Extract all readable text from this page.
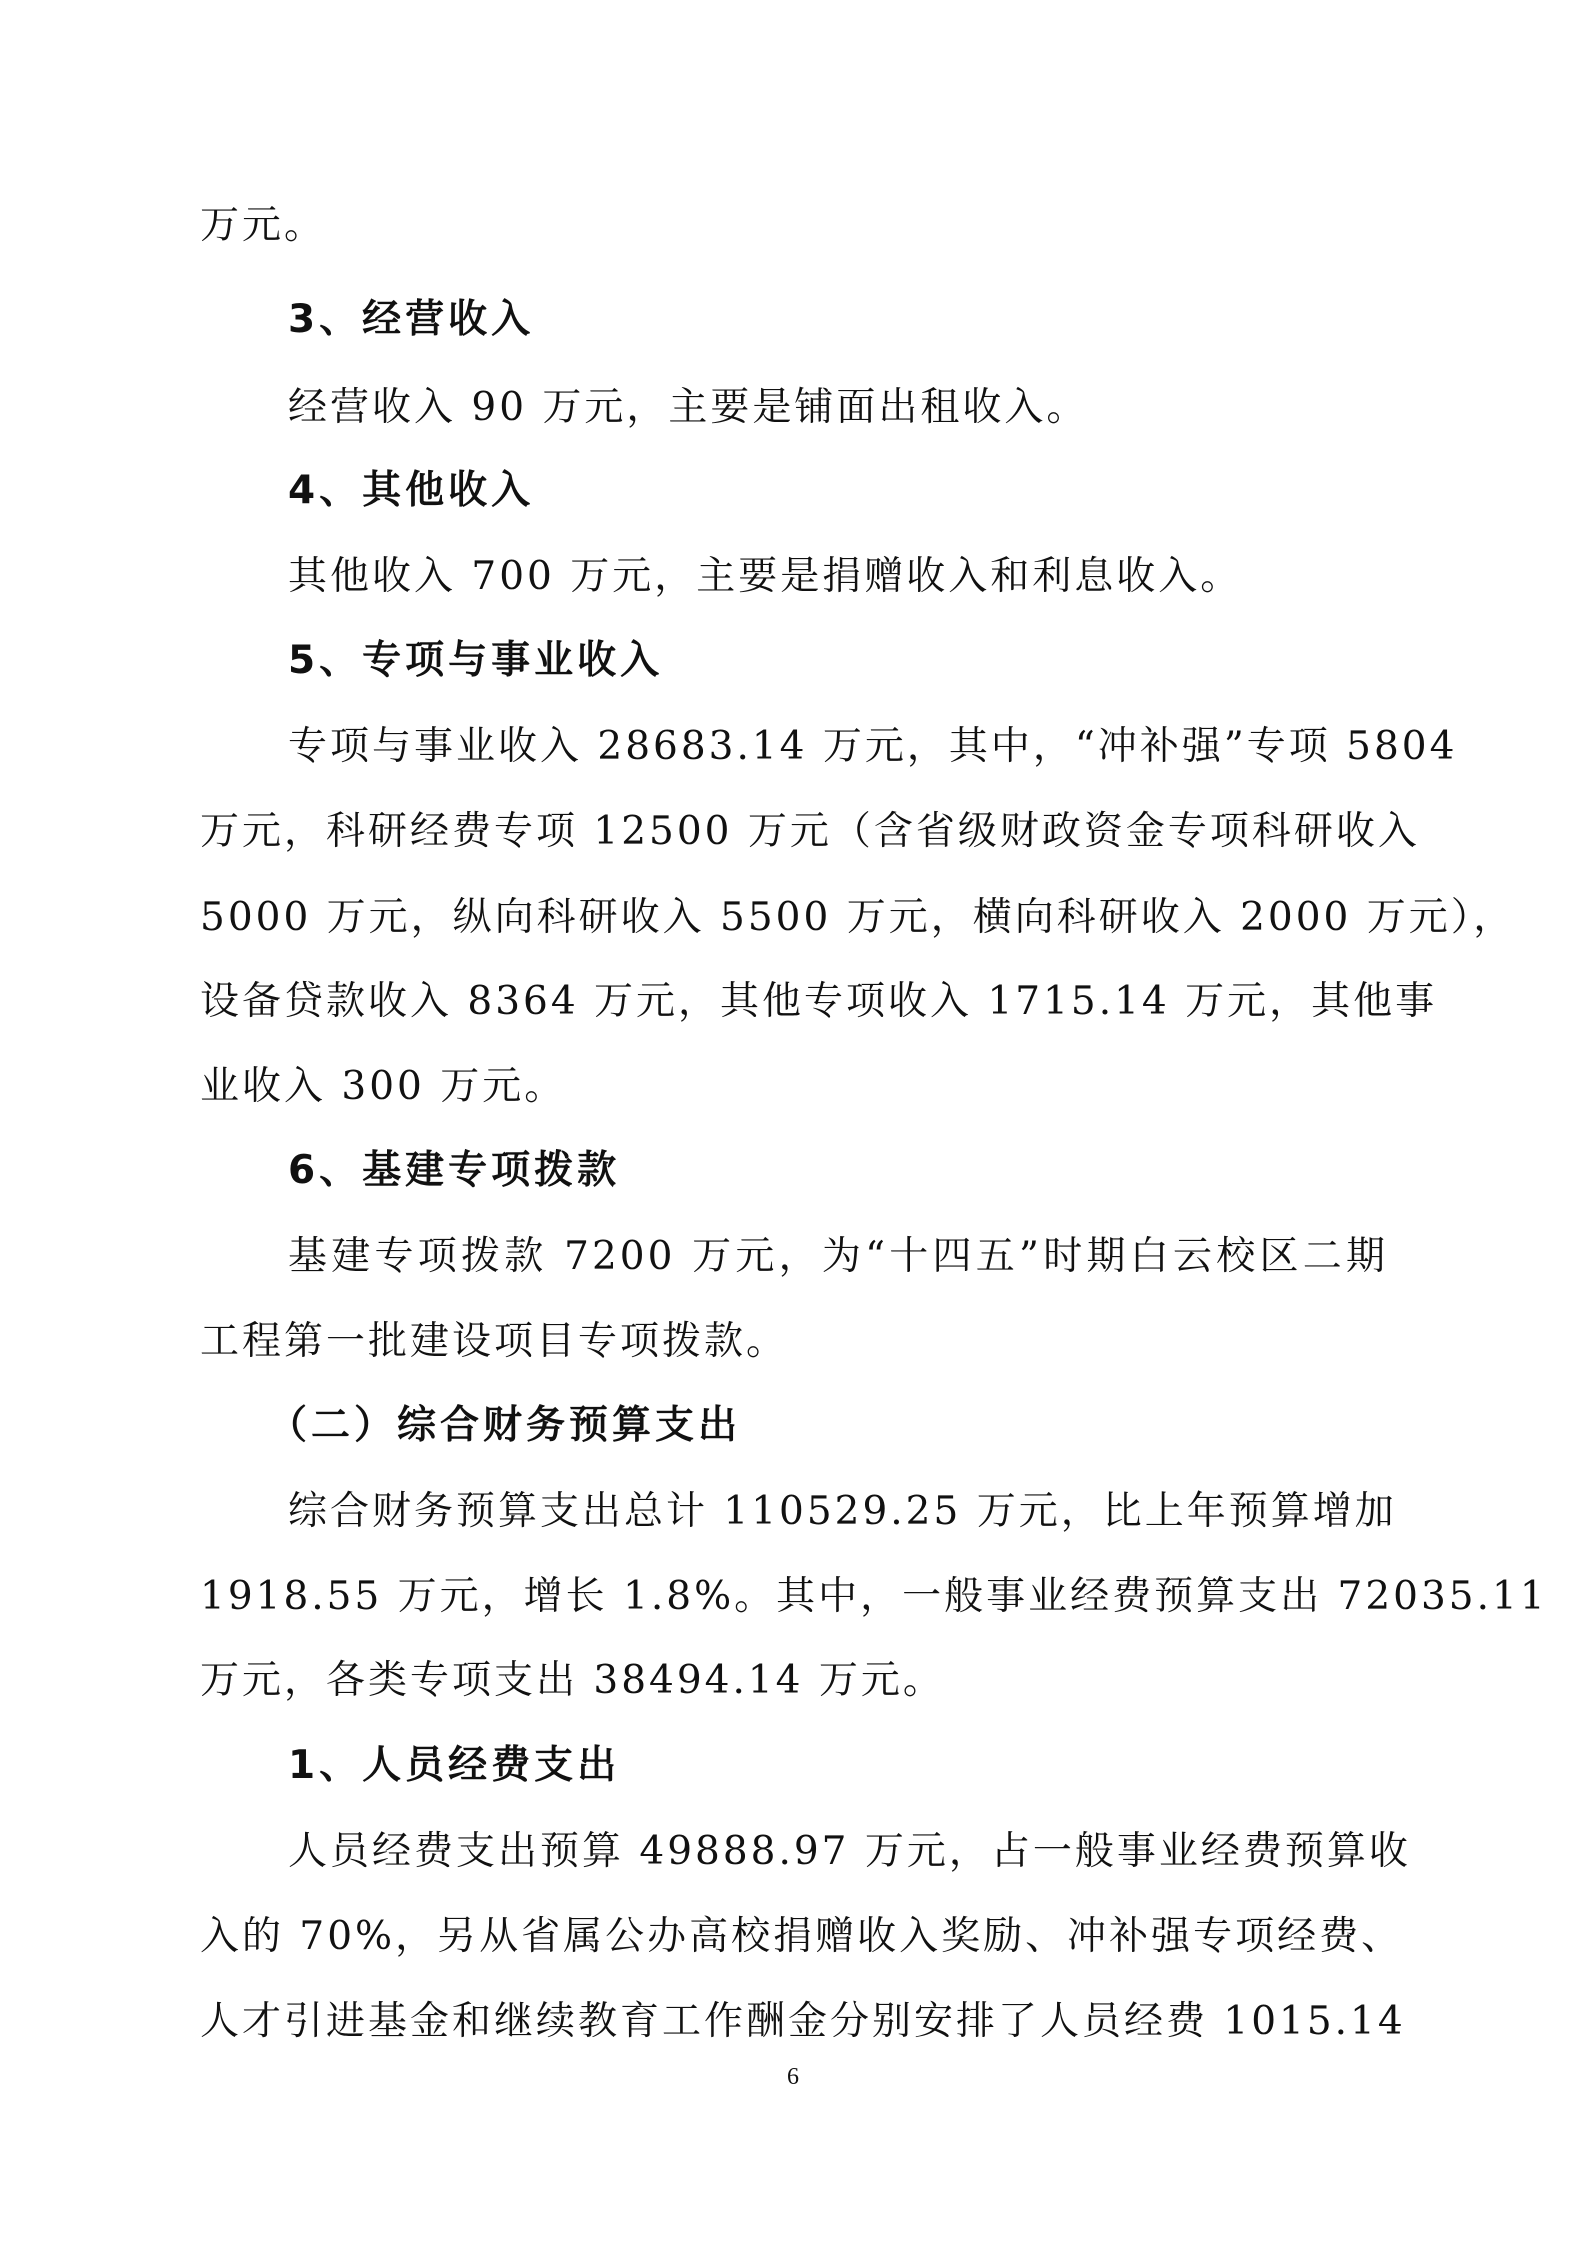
万元。
3、经营收入
经营收入 90 万元，主要是铺面出租收入。
4、其他收入
其他收入 700 万元，主要是捐赠收入和利息收入。
5、专项与事业收入
专项与事业收入 28683.14 万元，其中，“冲补强”专项 5804
万元，科研经费专项 12500 万元（含省级财政资金专项科研收入
5000 万元，纵向科研收入 5500 万元，横向科研收入 2000 万元），
设备贷款收入 8364 万元，其他专项收入 1715.14 万元，其他事
业收入 300 万元。
6、基建专项拨款
基建专项拨款 7200 万元，为“十四五”时期白云校区二期
工程第一批建设项目专项拨款。
（二）综合财务预算支出
综合财务预算支出总计 110529.25 万元，比上年预算增加
1918.55 万元，增长 1.8%。其中，一般事业经费预算支出 72035.11
万元，各类专项支出 38494.14 万元。
1、人员经费支出
人员经费支出预算 49888.97 万元，占一般事业经费预算收
入的 70%，另从省属公办高校捐赠收入奖励、冲补强专项经费、
人才引进基金和继续教育工作酬金分别安排了人员经费 1015.14
6
